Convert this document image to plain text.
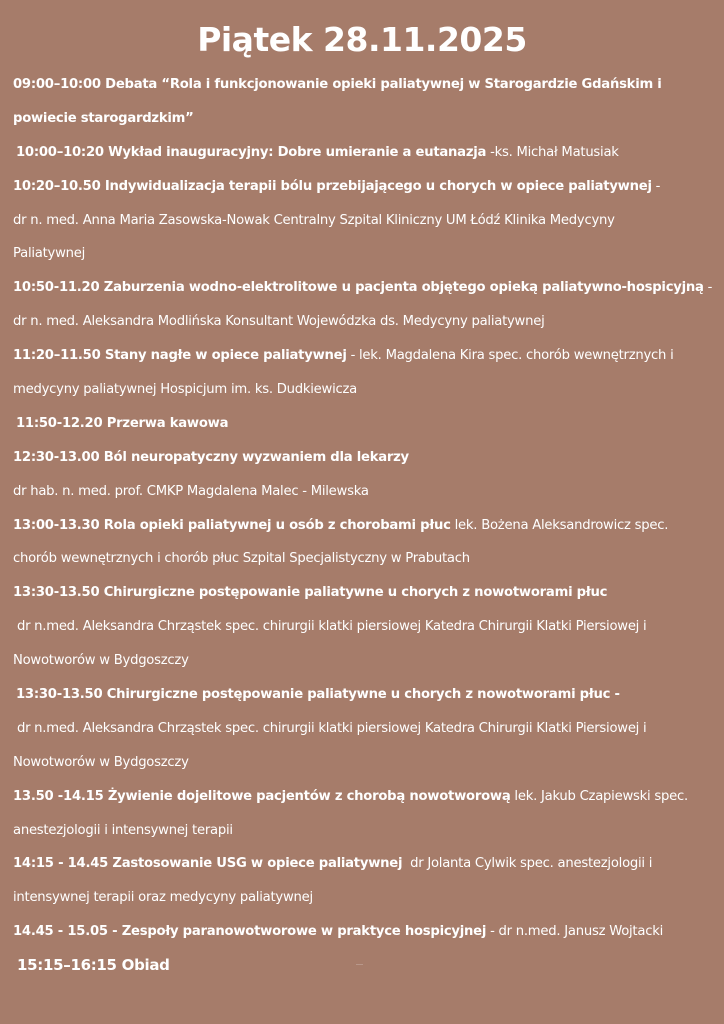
Piątek 28.11.2025
09:00–10:00 Debata “Rola i funkcjonowanie opieki paliatywnej w Starogardzie Gdańskim i
powiecie starogardzkim”
10:00–10:20 Wykład inauguracyjny: Dobre umieranie a eutanazja -ks. Michał Matusiak
10:20–10.50 Indywidualizacja terapii bólu przebijającego u chorych w opiece paliatywnej -
dr n. med. Anna Maria Zasowska-Nowak Centralny Szpital Kliniczny UM Łódź Klinika Medycyny
Paliatywnej
10:50-11.20 Zaburzenia wodno-elektrolitowe u pacjenta objętego opieką paliatywno-hospicyjną -
dr n. med. Aleksandra Modlińska Konsultant Wojewódzka ds. Medycyny paliatywnej
11:20–11.50 Stany nagłe w opiece paliatywnej - lek. Magdalena Kira spec. chorób wewnętrznych i
medycyny paliatywnej Hospicjum im. ks. Dudkiewicza
11:50-12.20 Przerwa kawowa
12:30-13.00 Ból neuropatyczny wyzwaniem dla lekarzy
dr hab. n. med. prof. CMKP Magdalena Malec - Milewska
13:00-13.30 Rola opieki paliatywnej u osób z chorobami płuc lek. Bożena Aleksandrowicz spec.
chorób wewnętrznych i chorób płuc Szpital Specjalistyczny w Prabutach
13:30-13.50 Chirurgiczne postępowanie paliatywne u chorych z nowotworami płuc
dr n.med. Aleksandra Chrząstek spec. chirurgii klatki piersiowej Katedra Chirurgii Klatki Piersiowej i
Nowotworów w Bydgoszczy
13:30-13.50 Chirurgiczne postępowanie paliatywne u chorych z nowotworami płuc -
dr n.med. Aleksandra Chrząstek spec. chirurgii klatki piersiowej Katedra Chirurgii Klatki Piersiowej i
Nowotworów w Bydgoszczy
13.50 -14.15 Żywienie dojelitowe pacjentów z chorobą nowotworową lek. Jakub Czapiewski spec.
anestezjologii i intensywnej terapii
14:15 - 14.45 Zastosowanie USG w opiece paliatywnej  dr Jolanta Cylwik spec. anestezjologii i
intensywnej terapii oraz medycyny paliatywnej
14.45 - 15.05 - Zespoły paranowotworowe w praktyce hospicyjnej - dr n.med. Janusz Wojtacki
15:15–16:15 Obiad
